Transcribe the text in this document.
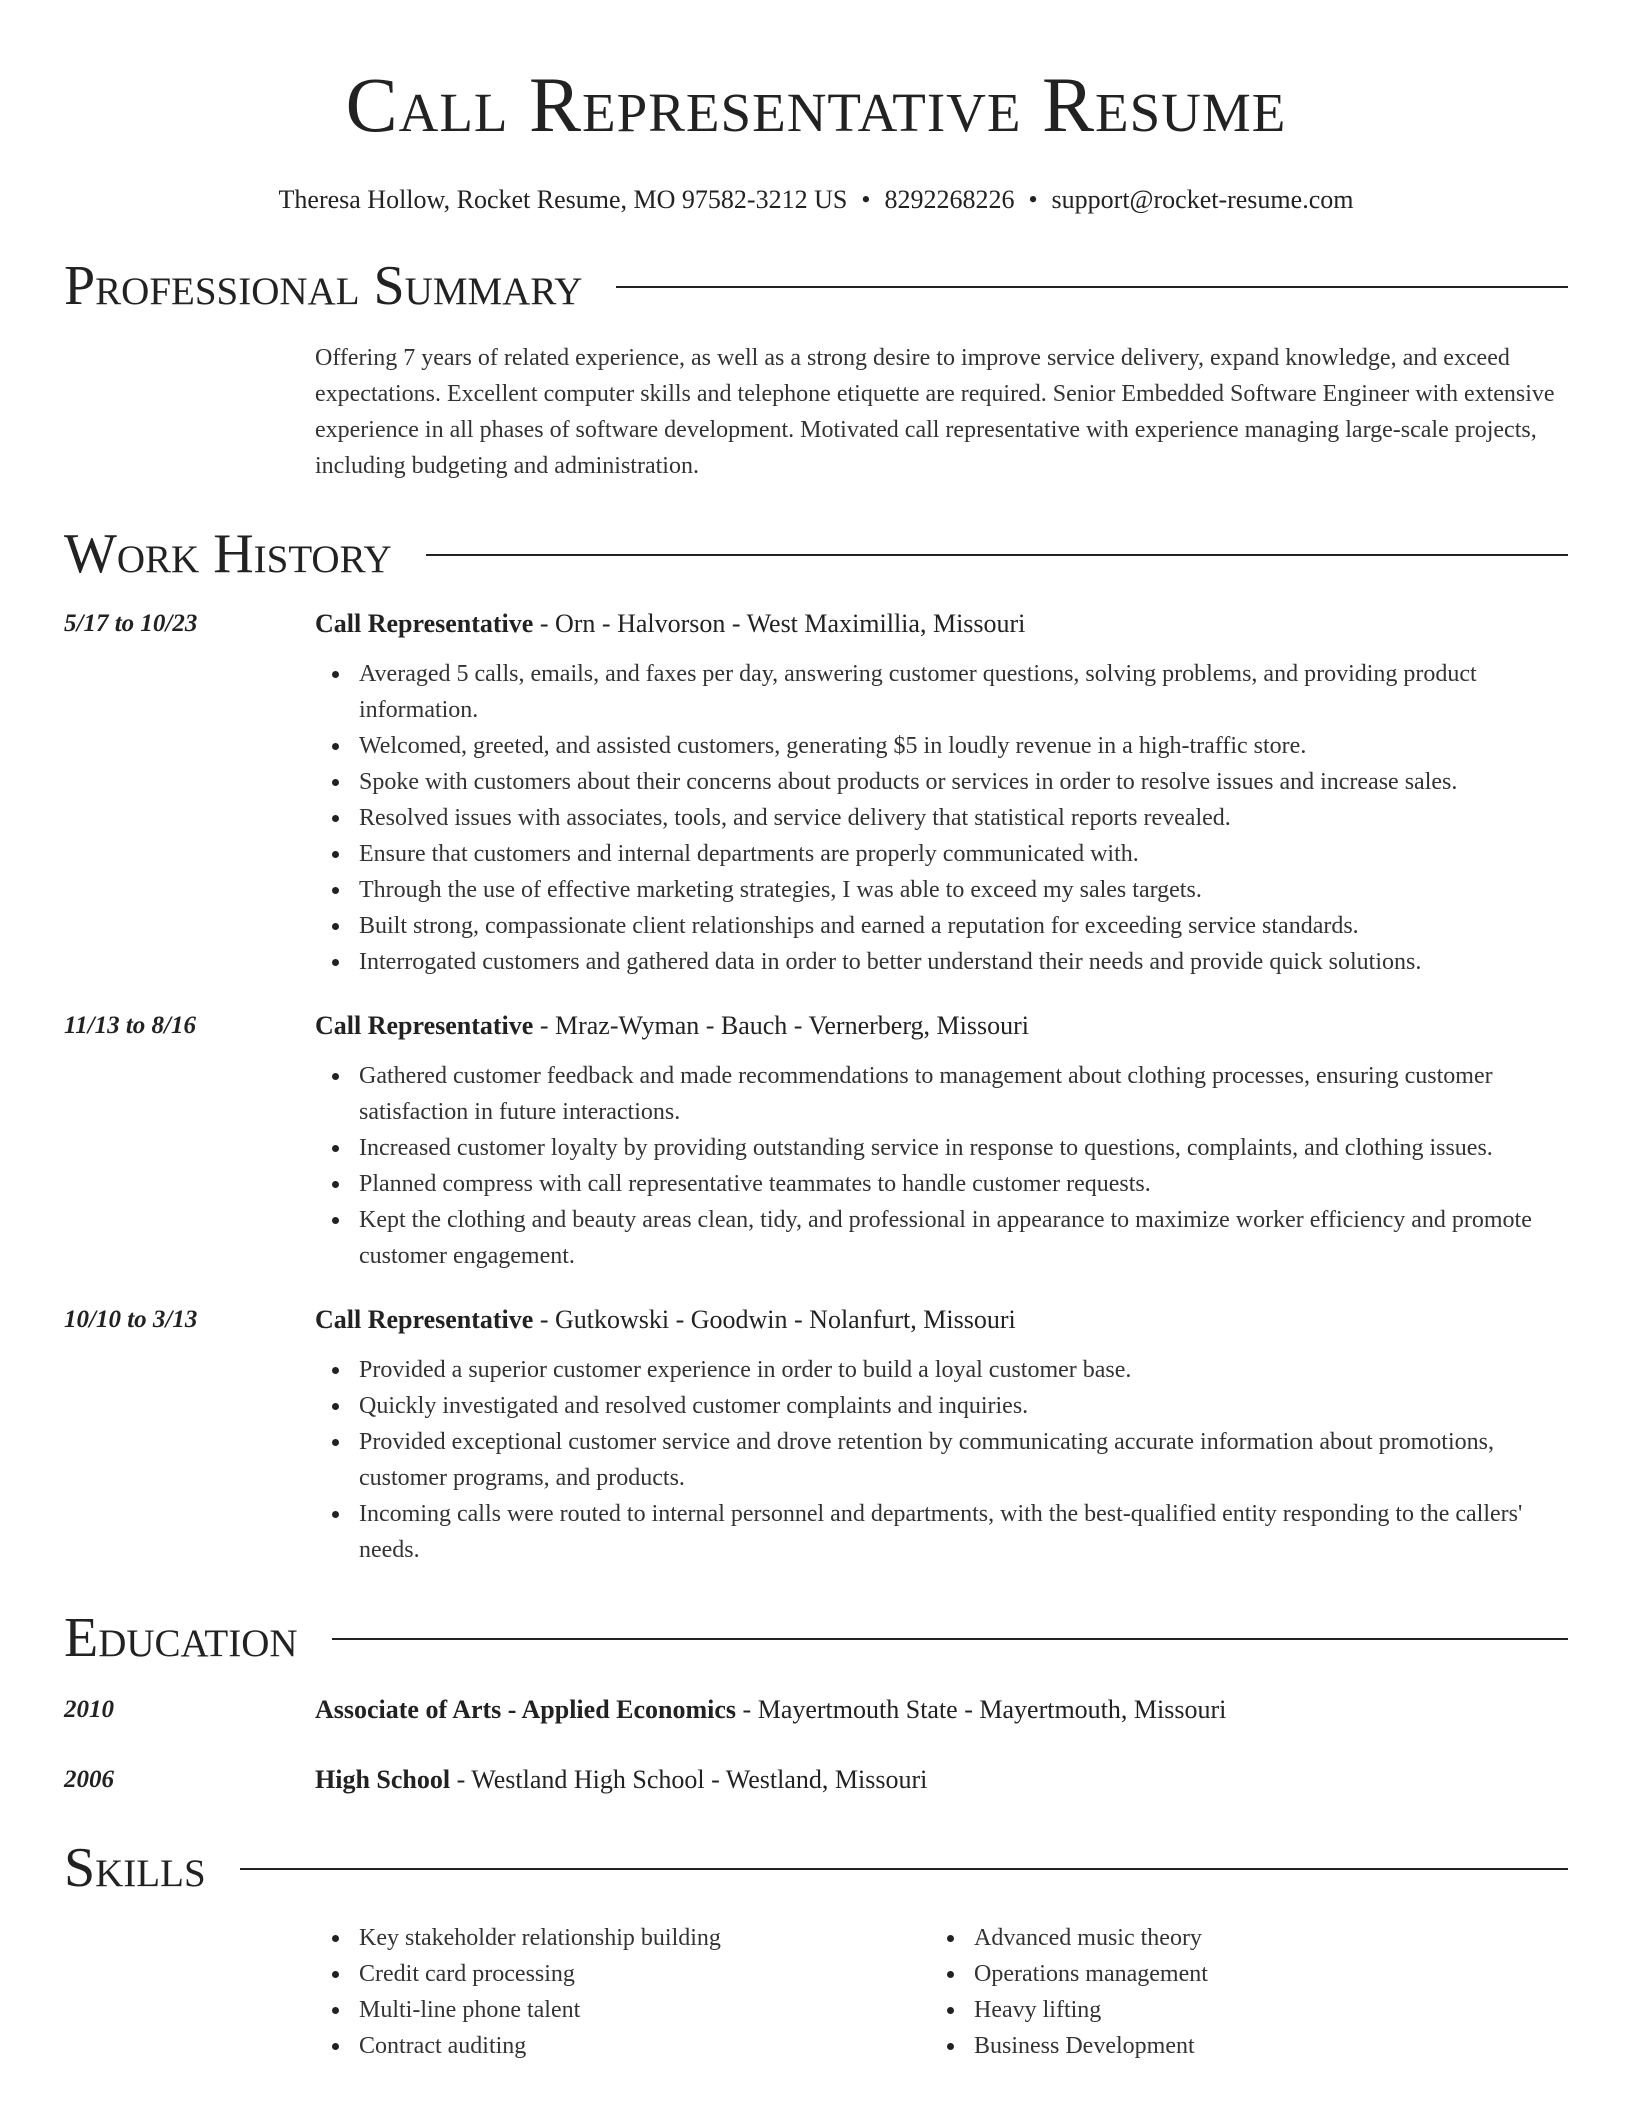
Call Representative Resume
Theresa Hollow, Rocket Resume, MO 97582-3212 US • 8292268226 • support@rocket-resume.com
Professional Summary
Offering 7 years of related experience, as well as a strong desire to improve service delivery, expand knowledge, and exceed expectations. Excellent computer skills and telephone etiquette are required. Senior Embedded Software Engineer with extensive experience in all phases of software development. Motivated call representative with experience managing large-scale projects, including budgeting and administration.
Work History
5/17 to 10/23	Call Representative - Orn - Halvorson - West Maximillia, Missouri
Averaged 5 calls, emails, and faxes per day, answering customer questions, solving problems, and providing product information.
Welcomed, greeted, and assisted customers, generating $5 in loudly revenue in a high-traffic store.
Spoke with customers about their concerns about products or services in order to resolve issues and increase sales.
Resolved issues with associates, tools, and service delivery that statistical reports revealed.
Ensure that customers and internal departments are properly communicated with.
Through the use of effective marketing strategies, I was able to exceed my sales targets.
Built strong, compassionate client relationships and earned a reputation for exceeding service standards.
Interrogated customers and gathered data in order to better understand their needs and provide quick solutions.
11/13 to 8/16	Call Representative - Mraz-Wyman - Bauch - Vernerberg, Missouri
Gathered customer feedback and made recommendations to management about clothing processes, ensuring customer satisfaction in future interactions.
Increased customer loyalty by providing outstanding service in response to questions, complaints, and clothing issues.
Planned compress with call representative teammates to handle customer requests.
Kept the clothing and beauty areas clean, tidy, and professional in appearance to maximize worker efficiency and promote customer engagement.
10/10 to 3/13	Call Representative - Gutkowski - Goodwin - Nolanfurt, Missouri
Provided a superior customer experience in order to build a loyal customer base.
Quickly investigated and resolved customer complaints and inquiries.
Provided exceptional customer service and drove retention by communicating accurate information about promotions, customer programs, and products.
Incoming calls were routed to internal personnel and departments, with the best-qualified entity responding to the callers' needs.
Education
2010	Associate of Arts - Applied Economics - Mayertmouth State - Mayertmouth, Missouri
2006	High School - Westland High School - Westland, Missouri
Skills
Key stakeholder relationship building
Credit card processing
Multi-line phone talent
Contract auditing
Advanced music theory
Operations management
Heavy lifting
Business Development
